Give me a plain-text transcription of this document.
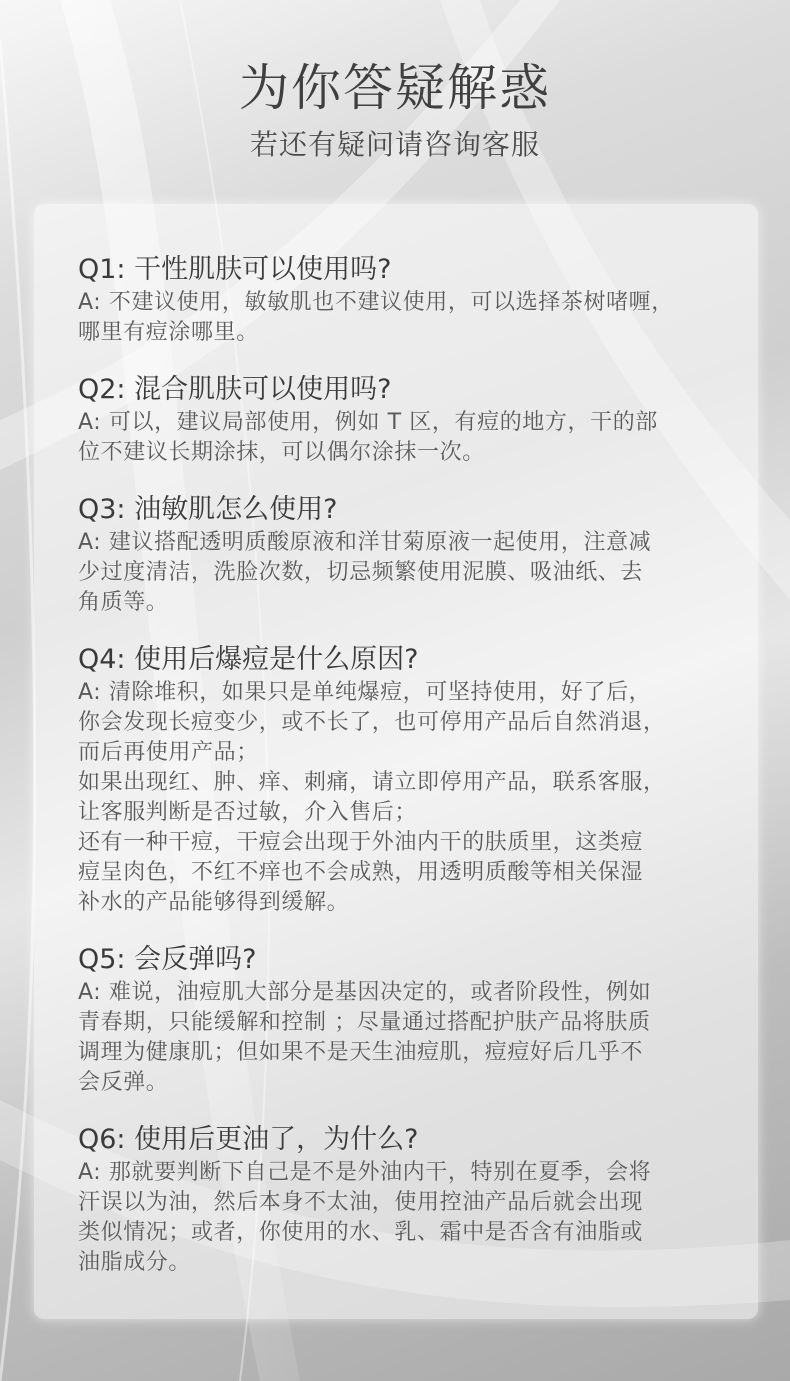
为你答疑解惑
若还有疑问请咨询客服
Q1: 干性肌肤可以使用吗?
A: 不建议使用，敏敏肌也不建议使用，可以选择茶树啫喱，
哪里有痘涂哪里。
Q2: 混合肌肤可以使用吗?
A: 可以，建议局部使用，例如 T 区，有痘的地方，干的部
位不建议长期涂抹，可以偶尔涂抹一次。
Q3: 油敏肌怎么使用?
A: 建议搭配透明质酸原液和洋甘菊原液一起使用，注意减
少过度清洁，洗脸次数，切忌频繁使用泥膜、吸油纸、去
角质等。
Q4: 使用后爆痘是什么原因?
A: 清除堆积，如果只是单纯爆痘，可坚持使用，好了后，
你会发现长痘变少，或不长了，也可停用产品后自然消退，
而后再使用产品；
如果出现红、肿、痒、刺痛，请立即停用产品，联系客服，
让客服判断是否过敏，介入售后；
还有一种干痘，干痘会出现于外油内干的肤质里，这类痘
痘呈肉色，不红不痒也不会成熟，用透明质酸等相关保湿
补水的产品能够得到缓解。
Q5: 会反弹吗?
A: 难说，油痘肌大部分是基因决定的，或者阶段性，例如
青春期，只能缓解和控制 ；尽量通过搭配护肤产品将肤质
调理为健康肌；但如果不是天生油痘肌，痘痘好后几乎不
会反弹。
Q6: 使用后更油了，为什么?
A: 那就要判断下自己是不是外油内干，特别在夏季，会将
汗误以为油，然后本身不太油，使用控油产品后就会出现
类似情况；或者，你使用的水、乳、霜中是否含有油脂或
油脂成分。
